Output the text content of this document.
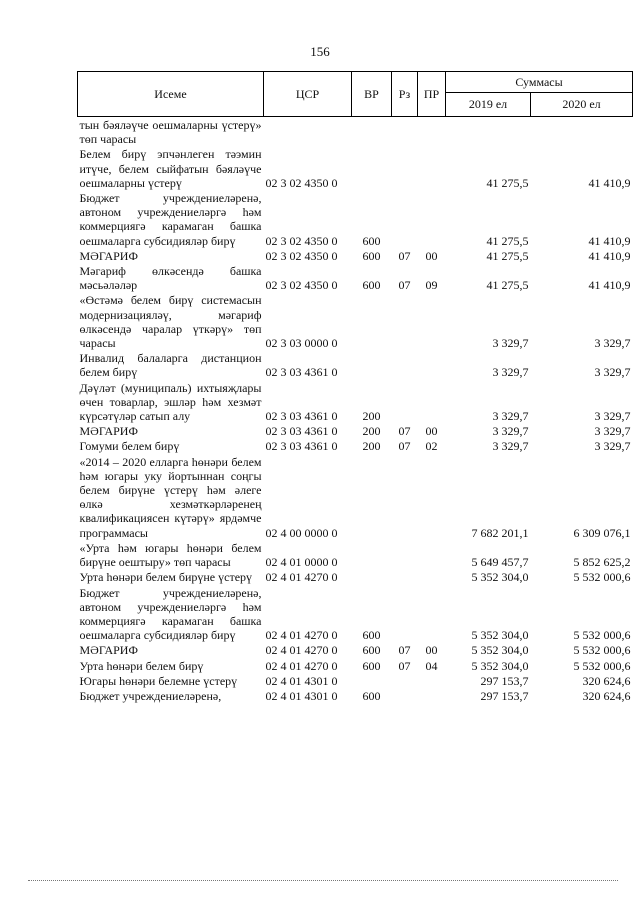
156
Исеме	ЦСР	ВР	Рз	ПР	Суммасы	
					2019 ел	2020 ел
тын бәяләүче оешмаларны үстерү» төп чарасы						
Белем бирү эпчәнлеген тәэмин итүче, белем сыйфатын бәяләүче оешмаларны үстерү	02 3 02 4350 0				41 275,5	41 410,9
Бюджет учреждениеләренә, автоном учреждениеләргә һәм коммерциягә карамаган башка оешмаларга субсидияләр бирү	02 3 02 4350 0	600			41 275,5	41 410,9
МӘГАРИФ	02 3 02 4350 0	600	07	00	41 275,5	41 410,9
Мәгариф өлкәсендә башка мәсьәләләр	02 3 02 4350 0	600	07	09	41 275,5	41 410,9
«Өстәмә белем бирү системасын модернизацияләү, мәгариф өлкәсендә чаралар үткәрү» төп чарасы	02 3 03 0000 0				3 329,7	3 329,7
Инвалид балаларга дистанцион белем бирү	02 3 03 4361 0				3 329,7	3 329,7
Дәүләт (муниципаль) ихтыяҗлары өчен товарлар, эшләр һәм хезмәт күрсәтүләр сатып алу	02 3 03 4361 0	200			3 329,7	3 329,7
МӘГАРИФ	02 3 03 4361 0	200	07	00	3 329,7	3 329,7
Гомуми белем бирү	02 3 03 4361 0	200	07	02	3 329,7	3 329,7
«2014 – 2020 елларга һөнәри белем һәм югары уку йортыннан соңгы белем бирүне үстерү һәм әлеге өлкә хезмәткәрләренең квалификациясен күтәрү» ярдәмче программасы	02 4 00 0000 0				7 682 201,1	6 309 076,1
«Урта һәм югары һөнәри белем бирүне оештыру» төп чарасы	02 4 01 0000 0				5 649 457,7	5 852 625,2
Урта һөнәри белем бирүне үстерү	02 4 01 4270 0				5 352 304,0	5 532 000,6
Бюджет учреждениеләренә, автоном учреждениеләргә һәм коммерциягә карамаган башка оешмаларга субсидияләр бирү	02 4 01 4270 0	600			5 352 304,0	5 532 000,6
МӘГАРИФ	02 4 01 4270 0	600	07	00	5 352 304,0	5 532 000,6
Урта һөнәри белем бирү	02 4 01 4270 0	600	07	04	5 352 304,0	5 532 000,6
Югары һөнәри белемне үстерү	02 4 01 4301 0				297 153,7	320 624,6
Бюджет учреждениеләренә,	02 4 01 4301 0	600			297 153,7	320 624,6
